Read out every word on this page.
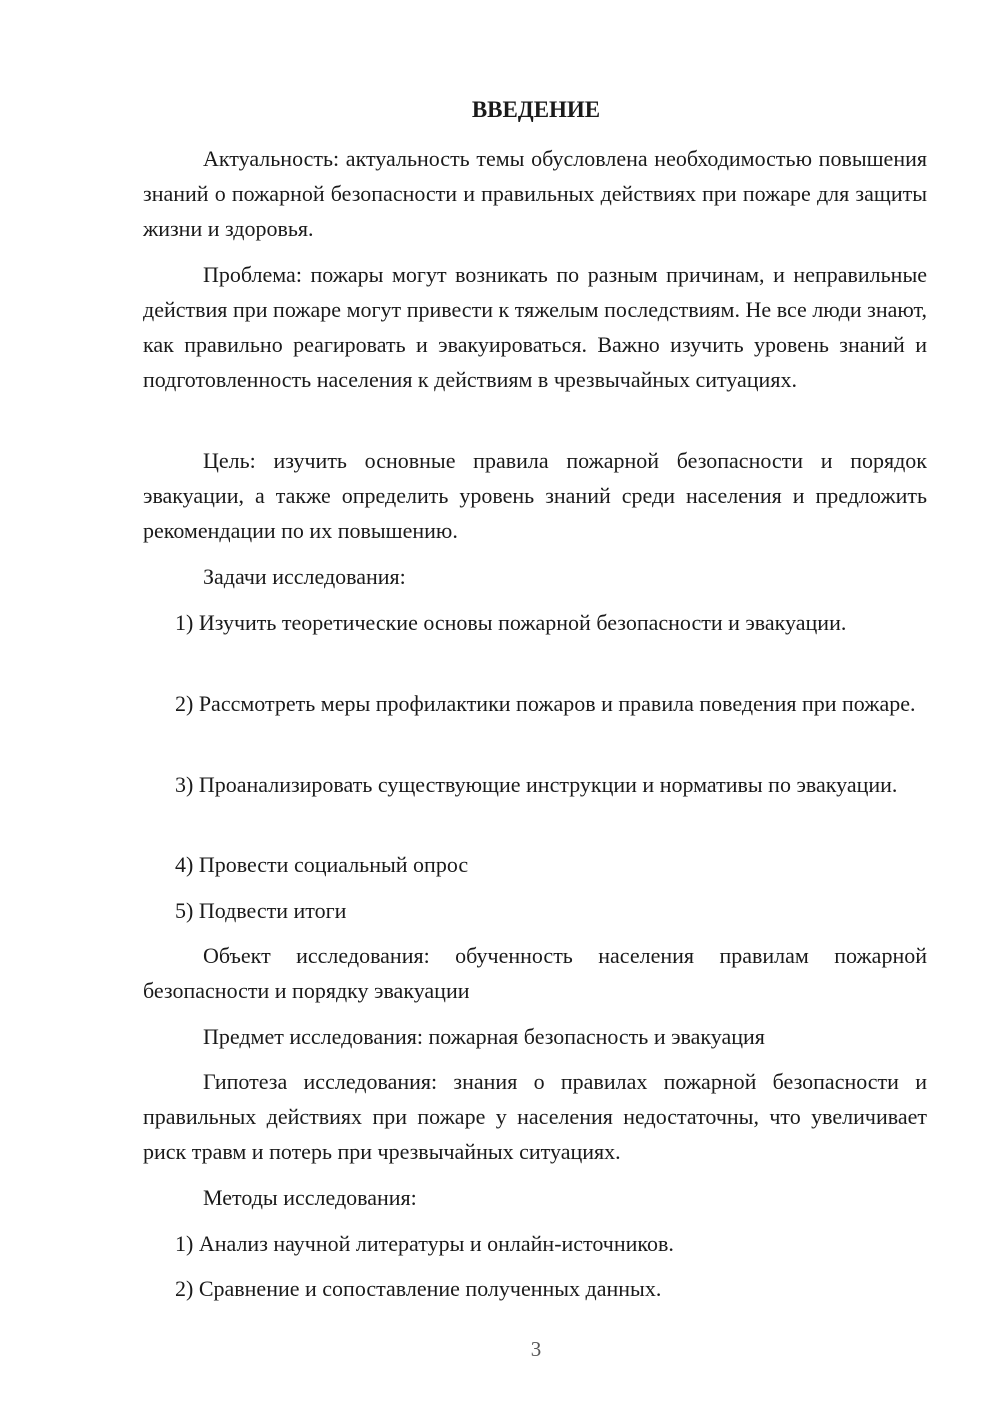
ВВЕДЕНИЕ

Актуальность: актуальность темы обусловлена необходимостью повышения знаний о пожарной безопасности и правильных действиях при пожаре для защиты жизни и здоровья.

Проблема: пожары могут возникать по разным причинам, и неправильные действия при пожаре могут привести к тяжелым последствиям. Не все люди знают, как правильно реагировать и эвакуироваться. Важно изучить уровень знаний и подготовленность населения к действиям в чрезвычайных ситуациях.

Цель: изучить основные правила пожарной безопасности и порядок эвакуации, а также определить уровень знаний среди населения и предложить рекомендации по их повышению.

Задачи исследования:

1) Изучить теоретические основы пожарной безопасности и эвакуации.

2) Рассмотреть меры профилактики пожаров и правила поведения при пожаре.

3) Проанализировать существующие инструкции и нормативы по эвакуации.

4) Провести социальный опрос

5) Подвести итоги

Объект исследования: обученность населения правилам пожарной безопасности и порядку эвакуации

Предмет исследования: пожарная безопасность и эвакуация

Гипотеза исследования: знания о правилах пожарной безопасности и правильных действиях при пожаре у населения недостаточны, что увеличивает риск травм и потерь при чрезвычайных ситуациях.

Методы исследования:

1) Анализ научной литературы и онлайн-источников.

2) Сравнение и сопоставление полученных данных.

3
